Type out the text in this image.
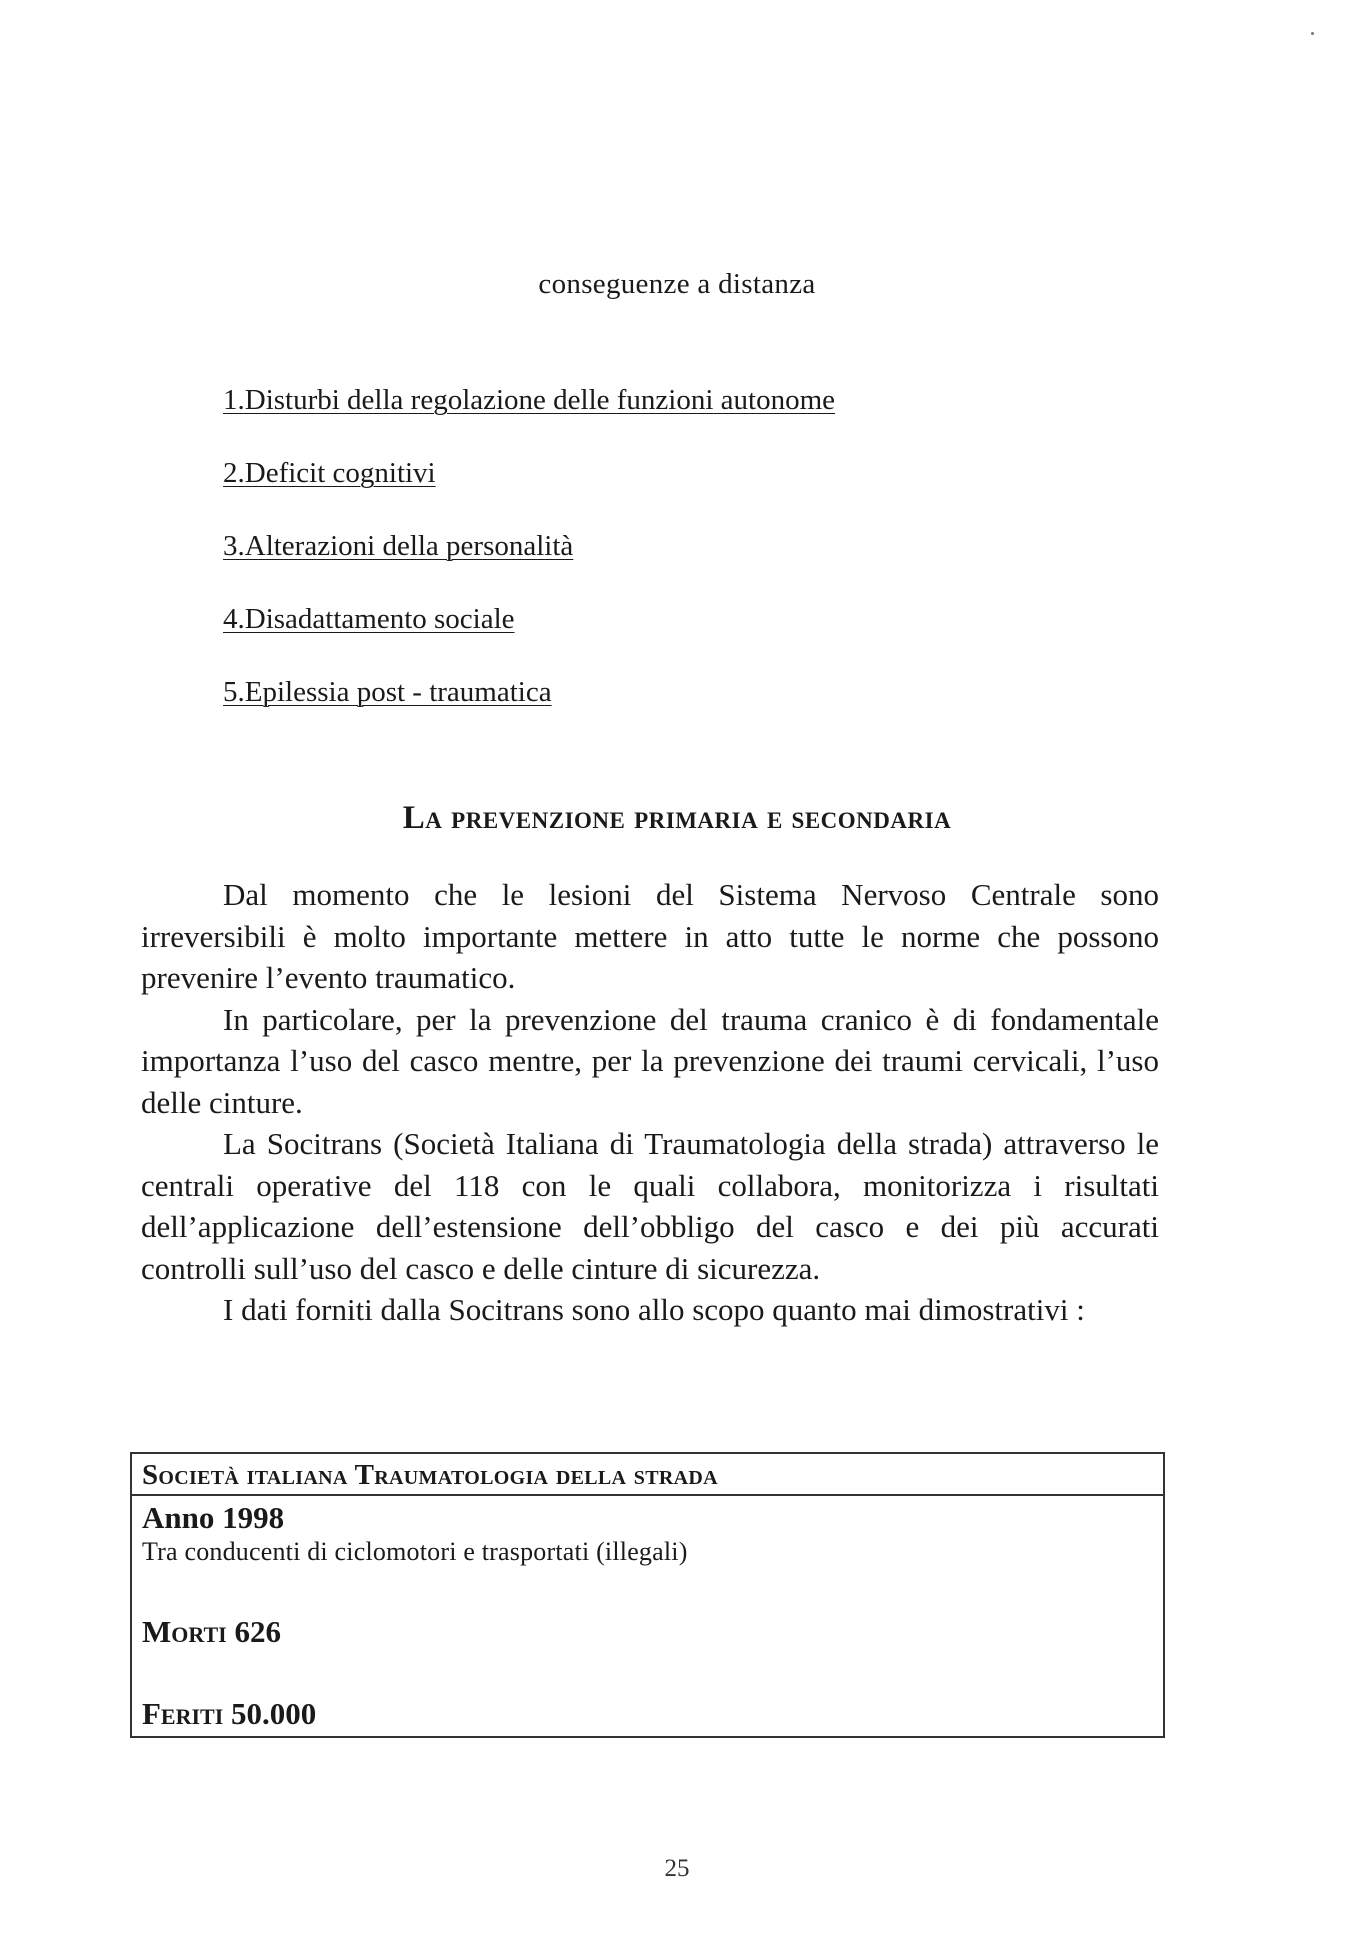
conseguenze a distanza
1.Disturbi della regolazione delle funzioni autonome
2.Deficit cognitivi
3.Alterazioni della personalità
4.Disadattamento sociale
5.Epilessia post - traumatica
La prevenzione primaria e secondaria

Dal momento che le lesioni del Sistema Nervoso Centrale sono irreversibili è molto importante mettere in atto tutte le norme che possono prevenire l’evento traumatico.

In particolare, per la prevenzione del trauma cranico è di fondamentale importanza l’uso del casco mentre, per la prevenzione dei traumi cervicali, l’uso delle cinture.

La Socitrans (Società Italiana di Traumatologia della strada) attraverso le centrali operative del 118 con le quali collabora, monitorizza i risultati dell’applicazione dell’estensione dell’obbligo del casco e dei più accurati controlli sull’uso del casco e delle cinture di sicurezza.

I dati forniti dalla Socitrans sono allo scopo quanto mai dimostrativi :

Società italiana Traumatologia della strada
Anno 1998
Tra conducenti di ciclomotori e trasportati (illegali)
Morti 626
Feriti 50.000
25
